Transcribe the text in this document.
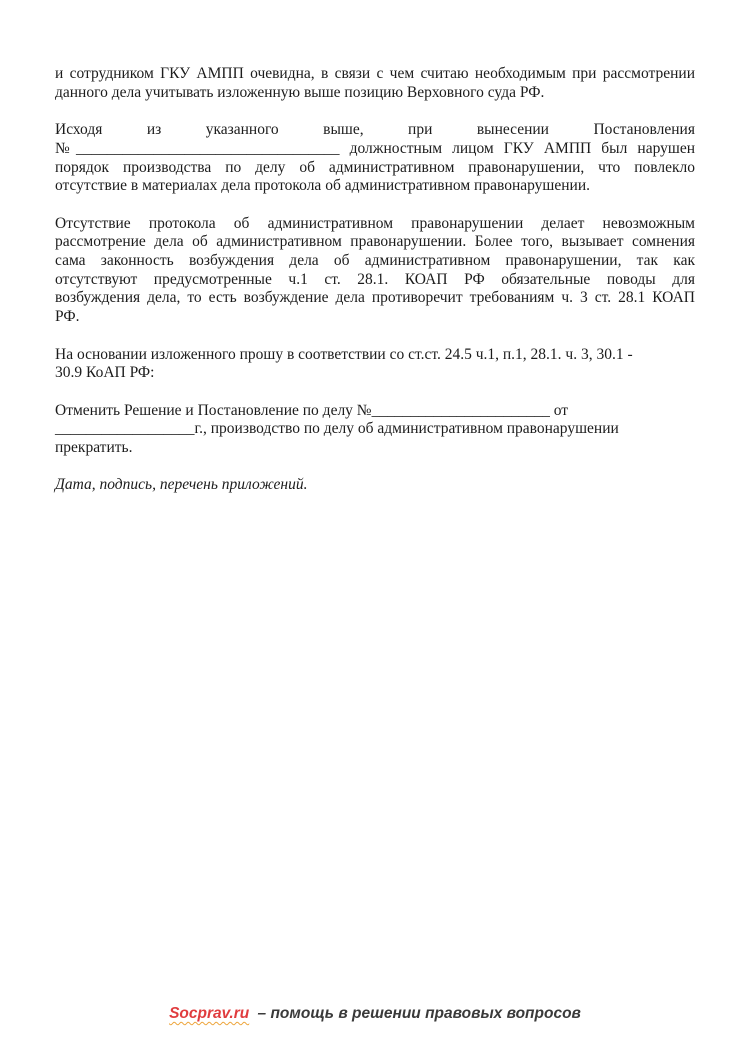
и сотрудником ГКУ АМПП очевидна, в связи с чем считаю необходимым при рассмотрении
данного дела учитывать изложенную выше позицию Верховного суда РФ.

Исходя из указанного выше, при вынесении Постановления
№__________________________________ должностным лицом ГКУ АМПП был нарушен
порядок производства по делу об административном правонарушении, что повлекло
отсутствие в материалах дела протокола об административном правонарушении.

Отсутствие протокола об административном правонарушении делает невозможным
рассмотрение дела об административном правонарушении. Более того, вызывает сомнения
сама законность возбуждения дела об административном правонарушении, так как
отсутствуют предусмотренные ч.1 ст. 28.1. КОАП РФ обязательные поводы для
возбуждения дела, то есть возбуждение дела противоречит требованиям ч. 3 ст. 28.1 КОАП
РФ.

На основании изложенного прошу в соответствии со ст.ст. 24.5 ч.1, п.1, 28.1. ч. 3, 30.1 -
30.9 КоАП РФ:

Отменить Решение и Постановление по делу №_______________________ от
__________________г., производство по делу об административном правонарушении
прекратить.

Дата, подпись, перечень приложений.

Socprav.ru – помощь в решении правовых вопросов
